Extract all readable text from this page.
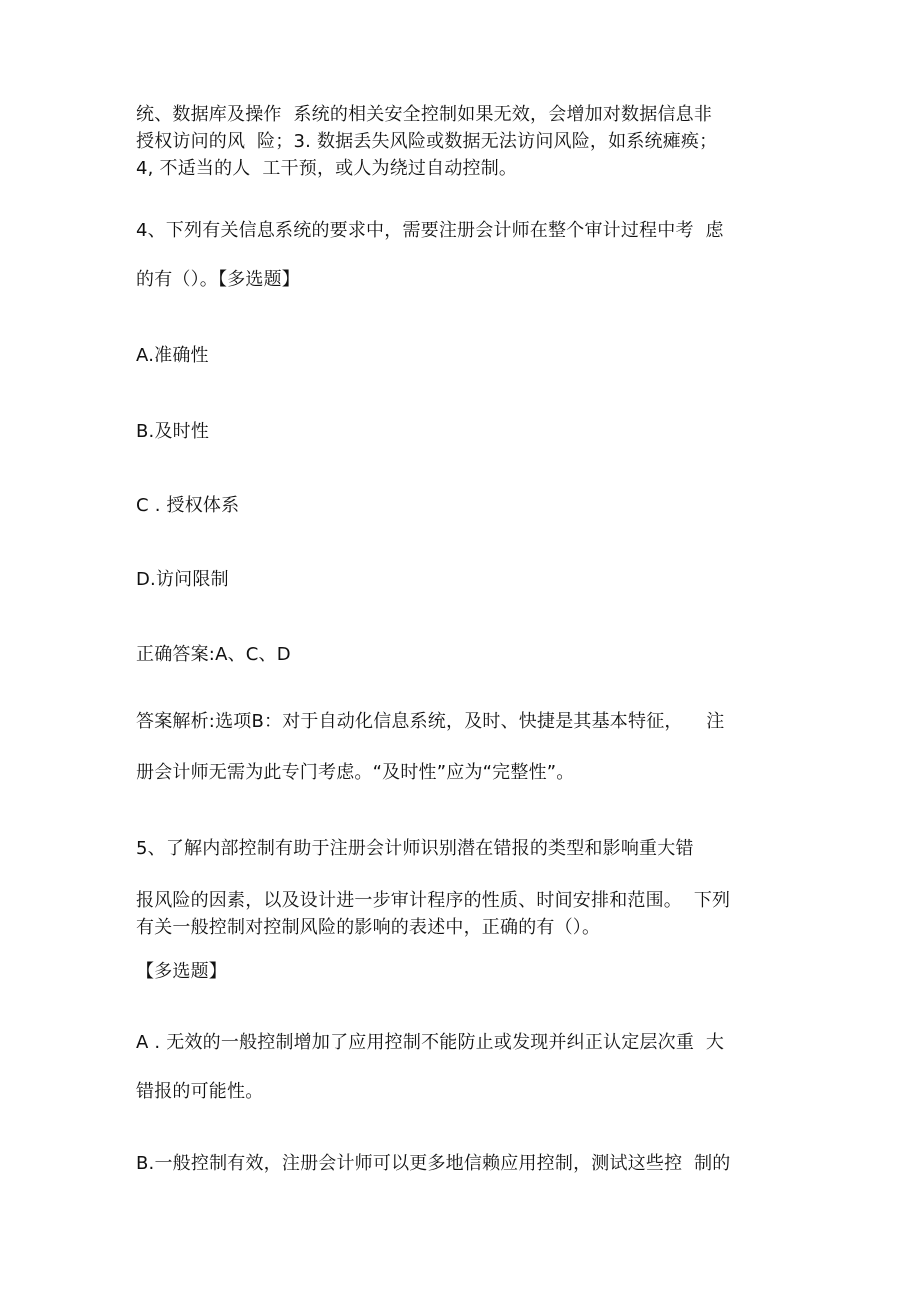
统、数据库及操作  系统的相关安全控制如果无效，会增加对数据信息非
授权访问的风  险；3. 数据丢失风险或数据无法访问风险，如系统瘫痪；
4, 不适当的人  工干预，或人为绕过自动控制。
4、下列有关信息系统的要求中，需要注册会计师在整个审计过程中考  虑
的有（）。【多选题】
A.准确性
B.及时性
C . 授权体系
D.访问限制
正确答案:A、C、D
答案解析:选项B：对于自动化信息系统，及时、快捷是其基本特征，    注
册会计师无需为此专门考虑。“及时性”应为“完整性”。
5、了解内部控制有助于注册会计师识别潜在错报的类型和影响重大错
报风险的因素，以及设计进一步审计程序的性质、时间安排和范围。  下列
有关一般控制对控制风险的影响的表述中，正确的有（）。
【多选题】
A . 无效的一般控制增加了应用控制不能防止或发现并纠正认定层次重  大
错报的可能性。
B.一般控制有效，注册会计师可以更多地信赖应用控制，测试这些控  制的
